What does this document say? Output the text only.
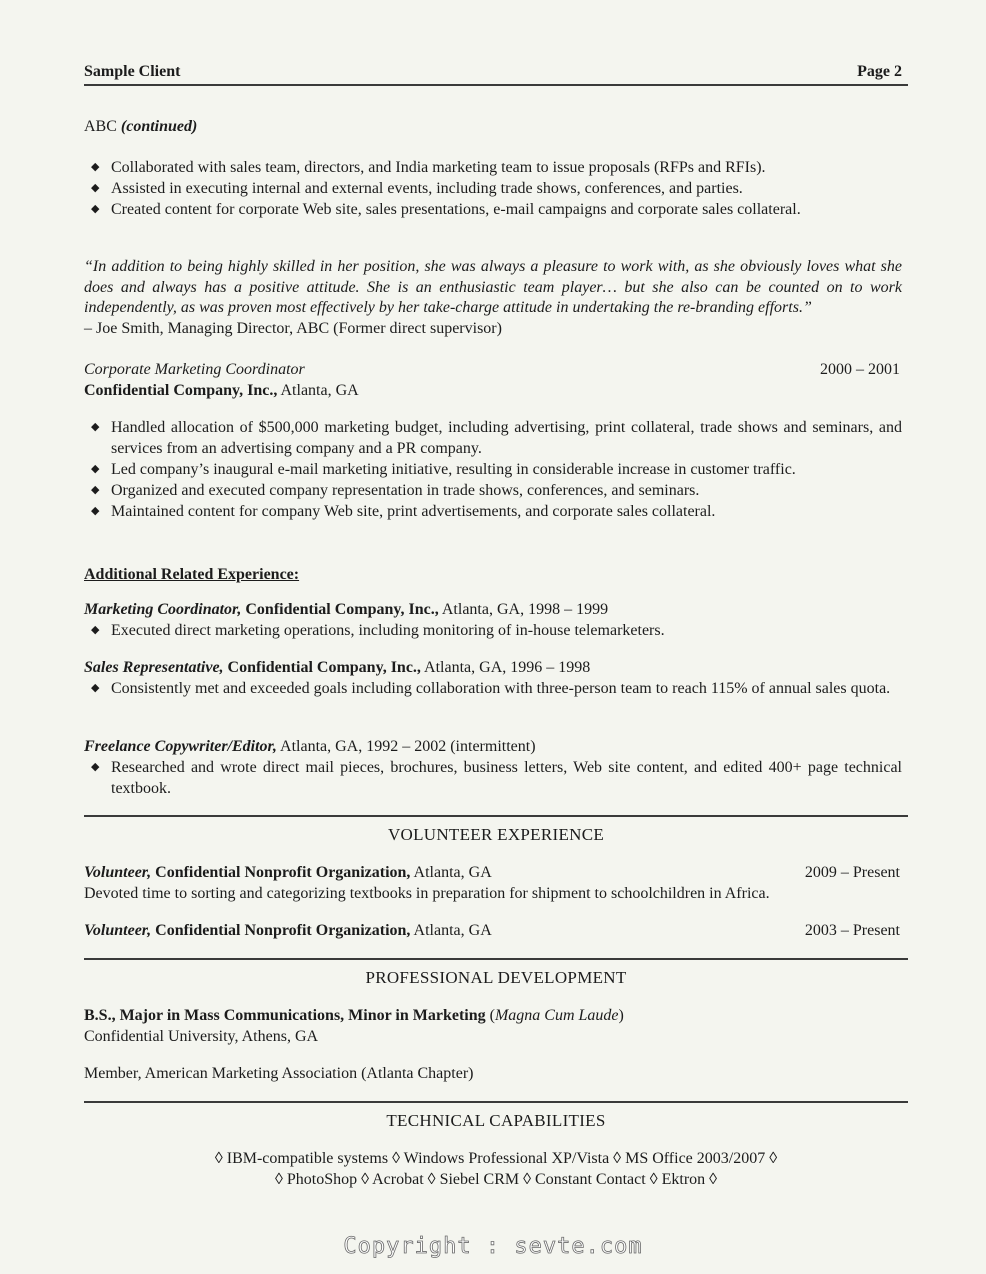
Sample Client	Page 2
ABC (continued)
◆ Collaborated with sales team, directors, and India marketing team to issue proposals (RFPs and RFIs).
◆ Assisted in executing internal and external events, including trade shows, conferences, and parties.
◆ Created content for corporate Web site, sales presentations, e-mail campaigns and corporate sales collateral.
“In addition to being highly skilled in her position, she was always a pleasure to work with, as she obviously loves what she does and always has a positive attitude. She is an enthusiastic team player… but she also can be counted on to work independently, as was proven most effectively by her take-charge attitude in undertaking the re-branding efforts.”
– Joe Smith, Managing Director, ABC (Former direct supervisor)
Corporate Marketing Coordinator	2000 – 2001
Confidential Company, Inc., Atlanta, GA
◆ Handled allocation of $500,000 marketing budget, including advertising, print collateral, trade shows and seminars, and services from an advertising company and a PR company.
◆ Led company’s inaugural e-mail marketing initiative, resulting in considerable increase in customer traffic.
◆ Organized and executed company representation in trade shows, conferences, and seminars.
◆ Maintained content for company Web site, print advertisements, and corporate sales collateral.
Additional Related Experience:
Marketing Coordinator, Confidential Company, Inc., Atlanta, GA, 1998 – 1999
◆ Executed direct marketing operations, including monitoring of in-house telemarketers.
Sales Representative, Confidential Company, Inc., Atlanta, GA, 1996 – 1998
◆ Consistently met and exceeded goals including collaboration with three-person team to reach 115% of annual sales quota.
Freelance Copywriter/Editor, Atlanta, GA, 1992 – 2002 (intermittent)
◆ Researched and wrote direct mail pieces, brochures, business letters, Web site content, and edited 400+ page technical textbook.
VOLUNTEER EXPERIENCE
Volunteer, Confidential Nonprofit Organization, Atlanta, GA	2009 – Present
Devoted time to sorting and categorizing textbooks in preparation for shipment to schoolchildren in Africa.
Volunteer, Confidential Nonprofit Organization, Atlanta, GA	2003 – Present
PROFESSIONAL DEVELOPMENT
B.S., Major in Mass Communications, Minor in Marketing (Magna Cum Laude)
Confidential University, Athens, GA
Member, American Marketing Association (Atlanta Chapter)
TECHNICAL CAPABILITIES
◊ IBM-compatible systems ◊ Windows Professional XP/Vista ◊ MS Office 2003/2007 ◊
◊ PhotoShop ◊ Acrobat ◊ Siebel CRM ◊ Constant Contact ◊ Ektron ◊
Copyright : sevte.com
